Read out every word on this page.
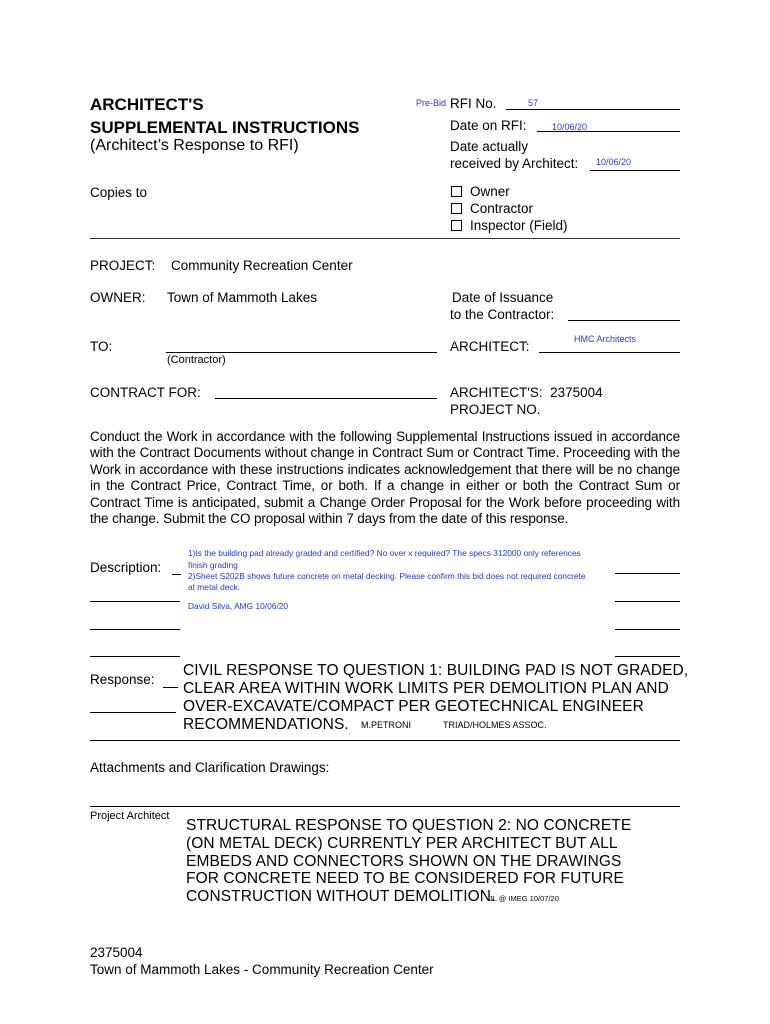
ARCHITECT'S
SUPPLEMENTAL INSTRUCTIONS
(Architect’s Response to RFI)
Pre-Bid RFI No.	57
Date on RFI:	10/06/20
Date actually
received by Architect: 10/06/20
Copies to	Owner
Contractor
Inspector (Field)
PROJECT: Community Recreation Center
OWNER: Town of Mammoth Lakes	Date of Issuance
to the Contractor:
TO:
(Contractor)
ARCHITECT:	HMC Architects
CONTRACT FOR:	ARCHITECT'S: 2375004
PROJECT NO.
Conduct the Work in accordance with the following Supplemental Instructions issued in accordance with the Contract Documents without change in Contract Sum or Contract Time. Proceeding with the Work in accordance with these instructions indicates acknowledgement that there will be no change in the Contract Price, Contract Time, or both. If a change in either or both the Contract Sum or Contract Time is anticipated, submit a Change Order Proposal for the Work before proceeding with the change. Submit the CO proposal within 7 days from the date of this response.
Description:
1)Is the building pad already graded and certified? No over x required? The specs 312000 only references
finish grading
2)Sheet S202B shows future concrete on metal decking. Please confirm this bid does not required concrete
at metal deck.
David Silva, AMG 10/06/20
Response:
CIVIL RESPONSE TO QUESTION 1: BUILDING PAD IS NOT GRADED,
CLEAR AREA WITHIN WORK LIMITS PER DEMOLITION PLAN AND
OVER-EXCAVATE/COMPACT PER GEOTECHNICAL ENGINEER
RECOMMENDATIONS. M.PETRONI	TRIAD/HOLMES ASSOC.
Attachments and Clarification Drawings:
Project Architect
STRUCTURAL RESPONSE TO QUESTION 2: NO CONCRETE
(ON METAL DECK) CURRENTLY PER ARCHITECT BUT ALL
EMBEDS AND CONNECTORS SHOWN ON THE DRAWINGS
FOR CONCRETE NEED TO BE CONSIDERED FOR FUTURE
CONSTRUCTION WITHOUT DEMOLITION.
JL @ IMEG 10/07/20
2375004
Town of Mammoth Lakes - Community Recreation Center
